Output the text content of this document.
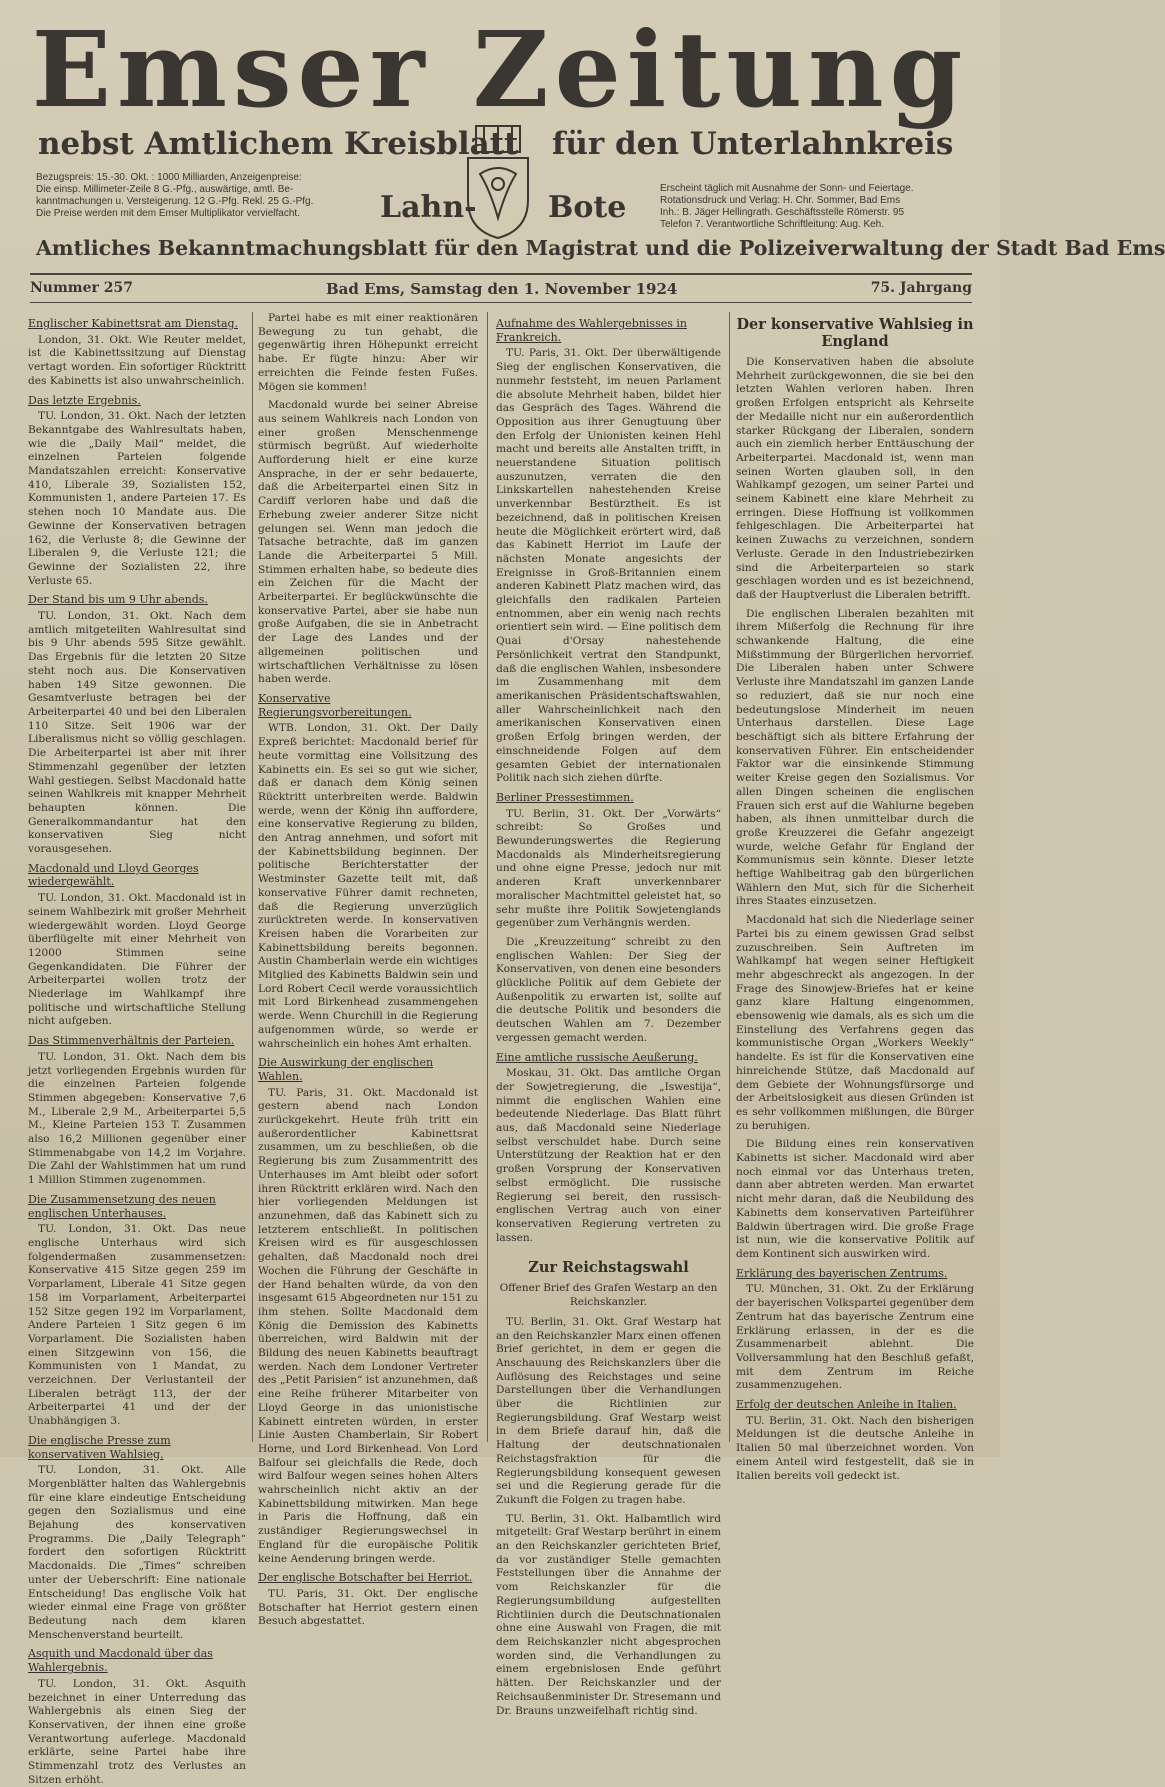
Emser Zeitung
nebst Amtlichem Kreisblatt für den Unterlahnkreis
Lahn- Bote
Bezugspreis: 15.-30. Okt. : 1000 Milliarden, Anzeigenpreise:
Die einsp. Millimeter-Zeile 8 G.-Pfg., auswärtige, amtl. Be-
kanntmachungen u. Versteigerung. 12 G.-Pfg. Rekl. 25 G.-Pfg.
Die Preise werden mit dem Emser Multiplikator vervielfacht.
Erscheint täglich mit Ausnahme der Sonn- und Feiertage.
Rotationsdruck und Verlag: H. Chr. Sommer, Bad Ems
Inh.: B. Jäger Hellingrath. Geschäftsstelle Römerstr. 95
Telefon 7. Verantwortliche Schriftleitung: Aug. Keh.
Amtliches Bekanntmachungsblatt für den Magistrat und die Polizeiverwaltung der Stadt Bad Ems
Nummer 257	Bad Ems, Samstag den 1. November 1924	75. Jahrgang
Englischer Kabinettsrat am Dienstag.

London, 31. Okt. Wie Reuter meldet, ist die Kabinettssitzung auf Dienstag vertagt worden. Ein sofortiger Rücktritt des Kabinetts ist also unwahrscheinlich.

Das letzte Ergebnis.

TU. London, 31. Okt. Nach der letzten Bekanntgabe des Wahlresultats haben, wie die „Daily Mail“ meldet, die einzelnen Parteien folgende Mandatszahlen erreicht: Konservative 410, Liberale 39, Sozialisten 152, Kommunisten 1, andere Parteien 17. Es stehen noch 10 Mandate aus. Die Gewinne der Konservativen betragen 162, die Verluste 8; die Gewinne der Liberalen 9, die Verluste 121; die Gewinne der Sozialisten 22, ihre Verluste 65.

Der Stand bis um 9 Uhr abends.

TU. London, 31. Okt. Nach dem amtlich mitgeteilten Wahlresultat sind bis 9 Uhr abends 595 Sitze gewählt. Das Ergebnis für die letzten 20 Sitze steht noch aus. Die Konservativen haben 149 Sitze gewonnen. Die Gesamtverluste betragen bei der Arbeiterpartei 40 und bei den Liberalen 110 Sitze. Seit 1906 war der Liberalismus nicht so völlig geschlagen. Die Arbeiterpartei ist aber mit ihrer Stimmenzahl gegenüber der letzten Wahl gestiegen. Selbst Macdonald hatte seinen Wahlkreis mit knapper Mehrheit behaupten können. Die Generalkommandantur hat den konservativen Sieg nicht vorausgesehen.

Macdonald und Lloyd Georges wiedergewählt.

TU. London, 31. Okt. Macdonald ist in seinem Wahlbezirk mit großer Mehrheit wiedergewählt worden. Lloyd George überflügelte mit einer Mehrheit von 12000 Stimmen seine Gegenkandidaten. Die Führer der Arbeiterpartei wollen trotz der Niederlage im Wahlkampf ihre politische und wirtschaftliche Stellung nicht aufgeben.

Das Stimmenverhältnis der Parteien.

TU. London, 31. Okt. Nach dem bis jetzt vorliegenden Ergebnis wurden für die einzelnen Parteien folgende Stimmen abgegeben: Konservative 7,6 M., Liberale 2,9 M., Arbeiterpartei 5,5 M., Kleine Parteien 153 T. Zusammen also 16,2 Millionen gegenüber einer Stimmenabgabe von 14,2 im Vorjahre. Die Zahl der Wahlstimmen hat um rund 1 Million Stimmen zugenommen.

Die Zusammensetzung des neuen englischen Unterhauses.

TU. London, 31. Okt. Das neue englische Unterhaus wird sich folgendermaßen zusammensetzen: Konservative 415 Sitze gegen 259 im Vorparlament, Liberale 41 Sitze gegen 158 im Vorparlament, Arbeiterpartei 152 Sitze gegen 192 im Vorparlament, Andere Parteien 1 Sitz gegen 6 im Vorparlament. Die Sozialisten haben einen Sitzgewinn von 156, die Kommunisten von 1 Mandat, zu verzeichnen. Der Verlustanteil der Liberalen beträgt 113, der der Arbeiterpartei 41 und der der Unabhängigen 3.

Die englische Presse zum konservativen Wahlsieg.

TU. London, 31. Okt. Alle Morgenblätter halten das Wahlergebnis für eine klare eindeutige Entscheidung gegen den Sozialismus und eine Bejahung des konservativen Programms. Die „Daily Telegraph“ fordert den sofortigen Rücktritt Macdonalds. Die „Times“ schreiben unter der Ueberschrift: Eine nationale Entscheidung! Das englische Volk hat wieder einmal eine Frage von größter Bedeutung nach dem klaren Menschenverstand beurteilt.

Asquith und Macdonald über das Wahlergebnis.

TU. London, 31. Okt. Asquith bezeichnet in einer Unterredung das Wahlergebnis als einen Sieg der Konservativen, der ihnen eine große Verantwortung auferlege. Macdonald erklärte, seine Partei habe ihre Stimmenzahl trotz des Verlustes an Sitzen erhöht.

Partei habe es mit einer reaktionären Bewegung zu tun gehabt, die gegenwärtig ihren Höhepunkt erreicht habe. Er fügte hinzu: Aber wir erreichten die Feinde festen Fußes. Mögen sie kommen!

Macdonald wurde bei seiner Abreise aus seinem Wahlkreis nach London von einer großen Menschenmenge stürmisch begrüßt. Auf wiederholte Aufforderung hielt er eine kurze Ansprache, in der er sehr bedauerte, daß die Arbeiterpartei einen Sitz in Cardiff verloren habe und daß die Erhebung zweier anderer Sitze nicht gelungen sei. Wenn man jedoch die Tatsache betrachte, daß im ganzen Lande die Arbeiterpartei 5 Mill. Stimmen erhalten habe, so bedeute dies ein Zeichen für die Macht der Arbeiterpartei. Er beglückwünschte die konservative Partei, aber sie habe nun große Aufgaben, die sie in Anbetracht der Lage des Landes und der allgemeinen politischen und wirtschaftlichen Verhältnisse zu lösen haben werde.

Konservative Regierungsvorbereitungen.

WTB. London, 31. Okt. Der Daily Expreß berichtet: Macdonald berief für heute vormittag eine Vollsitzung des Kabinetts ein. Es sei so gut wie sicher, daß er danach dem König seinen Rücktritt unterbreiten werde. Baldwin werde, wenn der König ihn auffordere, eine konservative Regierung zu bilden, den Antrag annehmen, und sofort mit der Kabinettsbildung beginnen. Der politische Berichterstatter der Westminster Gazette teilt mit, daß konservative Führer damit rechneten, daß die Regierung unverzüglich zurücktreten werde. In konservativen Kreisen haben die Vorarbeiten zur Kabinettsbildung bereits begonnen. Austin Chamberlain werde ein wichtiges Mitglied des Kabinetts Baldwin sein und Lord Robert Cecil werde voraussichtlich mit Lord Birkenhead zusammengehen werde. Wenn Churchill in die Regierung aufgenommen würde, so werde er wahrscheinlich ein hohes Amt erhalten.

Die Auswirkung der englischen Wahlen.

TU. Paris, 31. Okt. Macdonald ist gestern abend nach London zurückgekehrt. Heute früh tritt ein außerordentlicher Kabinettsrat zusammen, um zu beschließen, ob die Regierung bis zum Zusammentritt des Unterhauses im Amt bleibt oder sofort ihren Rücktritt erklären wird. Nach den hier vorliegenden Meldungen ist anzunehmen, daß das Kabinett sich zu letzterem entschließt. In politischen Kreisen wird es für ausgeschlossen gehalten, daß Macdonald noch drei Wochen die Führung der Geschäfte in der Hand behalten würde, da von den insgesamt 615 Abgeordneten nur 151 zu ihm stehen. Sollte Macdonald dem König die Demission des Kabinetts überreichen, wird Baldwin mit der Bildung des neuen Kabinetts beauftragt werden. Nach dem Londoner Vertreter des „Petit Parisien“ ist anzunehmen, daß eine Reihe früherer Mitarbeiter von Lloyd George in das unionistische Kabinett eintreten würden, in erster Linie Austen Chamberlain, Sir Robert Horne, und Lord Birkenhead. Von Lord Balfour sei gleichfalls die Rede, doch wird Balfour wegen seines hohen Alters wahrscheinlich nicht aktiv an der Kabinettsbildung mitwirken. Man hege in Paris die Hoffnung, daß ein zuständiger Regierungswechsel in England für die europäische Politik keine Aenderung bringen werde.

Der englische Botschafter bei Herriot.

TU. Paris, 31. Okt. Der englische Botschafter hat Herriot gestern einen Besuch abgestattet.

Aufnahme des Wahlergebnisses in Frankreich.

TU. Paris, 31. Okt. Der überwältigende Sieg der englischen Konservativen, die nunmehr feststeht, im neuen Parlament die absolute Mehrheit haben, bildet hier das Gespräch des Tages. Während die Opposition aus ihrer Genugtuung über den Erfolg der Unionisten keinen Hehl macht und bereits alle Anstalten trifft, in neuerstandene Situation politisch auszunutzen, verraten die den Linkskartellen nahestehenden Kreise unverkennbar Bestürztheit. Es ist bezeichnend, daß in politischen Kreisen heute die Möglichkeit erörtert wird, daß das Kabinett Herriot im Laufe der nächsten Monate angesichts der Ereignisse in Groß-Britannien einem anderen Kabinett Platz machen wird, das gleichfalls den radikalen Parteien entnommen, aber ein wenig nach rechts orientiert sein wird. — Eine politisch dem Quai d'Orsay nahestehende Persönlichkeit vertrat den Standpunkt, daß die englischen Wahlen, insbesondere im Zusammenhang mit dem amerikanischen Präsidentschaftswahlen, aller Wahrscheinlichkeit nach den amerikanischen Konservativen einen großen Erfolg bringen werden, der einschneidende Folgen auf dem gesamten Gebiet der internationalen Politik nach sich ziehen dürfte.

Berliner Pressestimmen.

TU. Berlin, 31. Okt. Der „Vorwärts“ schreibt: So Großes und Bewunderungswertes die Regierung Macdonalds als Minderheitsregierung und ohne eigne Presse, jedoch nur mit anderen Kraft unverkennbarer moralischer Machtmittel geleistet hat, so sehr mußte ihre Politik Sowjetenglands gegenüber zum Verhängnis werden.

Die „Kreuzzeitung“ schreibt zu den englischen Wahlen: Der Sieg der Konservativen, von denen eine besonders glückliche Politik auf dem Gebiete der Außenpolitik zu erwarten ist, sollte auf die deutsche Politik und besonders die deutschen Wahlen am 7. Dezember vergessen gemacht werden.

Eine amtliche russische Aeußerung.

Moskau, 31. Okt. Das amtliche Organ der Sowjetregierung, die „Iswestija“, nimmt die englischen Wahlen eine bedeutende Niederlage. Das Blatt führt aus, daß Macdonald seine Niederlage selbst verschuldet habe. Durch seine Unterstützung der Reaktion hat er den großen Vorsprung der Konservativen selbst ermöglicht. Die russische Regierung sei bereit, den russisch-englischen Vertrag auch von einer konservativen Regierung vertreten zu lassen.

Zur Reichstagswahl
Offener Brief des Grafen Westarp an den Reichskanzler.

TU. Berlin, 31. Okt. Graf Westarp hat an den Reichskanzler Marx einen offenen Brief gerichtet, in dem er gegen die Anschauung des Reichskanzlers über die Auflösung des Reichstages und seine Darstellungen über die Verhandlungen über die Richtlinien zur Regierungsbildung. Graf Westarp weist in dem Briefe darauf hin, daß die Haltung der deutschnationalen Reichstagsfraktion für die Regierungsbildung konsequent gewesen sei und die Regierung gerade für die Zukunft die Folgen zu tragen habe.

TU. Berlin, 31. Okt. Halbamtlich wird mitgeteilt: Graf Westarp berührt in einem an den Reichskanzler gerichteten Brief, da vor zuständiger Stelle gemachten Feststellungen über die Annahme der vom Reichskanzler für die Regierungsumbildung aufgestellten Richtlinien durch die Deutschnationalen ohne eine Auswahl von Fragen, die mit dem Reichskanzler nicht abgesprochen worden sind, die Verhandlungen zu einem ergebnislosen Ende geführt hätten. Der Reichskanzler und der Reichsaußenminister Dr. Stresemann und Dr. Brauns unzweifelhaft richtig sind.

Der konservative Wahlsieg in England

Die Konservativen haben die absolute Mehrheit zurückgewonnen, die sie bei den letzten Wahlen verloren haben. Ihren großen Erfolgen entspricht als Kehrseite der Medaille nicht nur ein außerordentlich starker Rückgang der Liberalen, sondern auch ein ziemlich herber Enttäuschung der Arbeiterpartei. Macdonald ist, wenn man seinen Worten glauben soll, in den Wahlkampf gezogen, um seiner Partei und seinem Kabinett eine klare Mehrheit zu erringen. Diese Hoffnung ist vollkommen fehlgeschlagen. Die Arbeiterpartei hat keinen Zuwachs zu verzeichnen, sondern Verluste. Gerade in den Industriebezirken sind die Arbeiterparteien so stark geschlagen worden und es ist bezeichnend, daß der Hauptverlust die Liberalen betrifft.

Die englischen Liberalen bezahlten mit ihrem Mißerfolg die Rechnung für ihre schwankende Haltung, die eine Mißstimmung der Bürgerlichen hervorrief. Die Liberalen haben unter Schwere Verluste ihre Mandatszahl im ganzen Lande so reduziert, daß sie nur noch eine bedeutungslose Minderheit im neuen Unterhaus darstellen. Diese Lage beschäftigt sich als bittere Erfahrung der konservativen Führer. Ein entscheidender Faktor war die einsinkende Stimmung weiter Kreise gegen den Sozialismus. Vor allen Dingen scheinen die englischen Frauen sich erst auf die Wahlurne begeben haben, als ihnen unmittelbar durch die große Kreuzzerei die Gefahr angezeigt wurde, welche Gefahr für England der Kommunismus sein könnte. Dieser letzte heftige Wahlbeitrag gab den bürgerlichen Wählern den Mut, sich für die Sicherheit ihres Staates einzusetzen.

Macdonald hat sich die Niederlage seiner Partei bis zu einem gewissen Grad selbst zuzuschreiben. Sein Auftreten im Wahlkampf hat wegen seiner Heftigkeit mehr abgeschreckt als angezogen. In der Frage des Sinowjew-Briefes hat er keine ganz klare Haltung eingenommen, ebensowenig wie damals, als es sich um die Einstellung des Verfahrens gegen das kommunistische Organ „Workers Weekly“ handelte. Es ist für die Konservativen eine hinreichende Stütze, daß Macdonald auf dem Gebiete der Wohnungsfürsorge und der Arbeitslosigkeit aus diesen Gründen ist es sehr vollkommen mißlungen, die Bürger zu beruhigen.

Die Bildung eines rein konservativen Kabinetts ist sicher. Macdonald wird aber noch einmal vor das Unterhaus treten, dann aber abtreten werden. Man erwartet nicht mehr daran, daß die Neubildung des Kabinetts dem konservativen Parteiführer Baldwin übertragen wird. Die große Frage ist nun, wie die konservative Politik auf dem Kontinent sich auswirken wird.

Erklärung des bayerischen Zentrums.

TU. München, 31. Okt. Zu der Erklärung der bayerischen Volkspartei gegenüber dem Zentrum hat das bayerische Zentrum eine Erklärung erlassen, in der es die Zusammenarbeit ablehnt. Die Vollversammlung hat den Beschluß gefaßt, mit dem Zentrum im Reiche zusammenzugehen.

Erfolg der deutschen Anleihe in Italien.

TU. Berlin, 31. Okt. Nach den bisherigen Meldungen ist die deutsche Anleihe in Italien 50 mal überzeichnet worden. Von einem Anteil wird festgestellt, daß sie in Italien bereits voll gedeckt ist.
